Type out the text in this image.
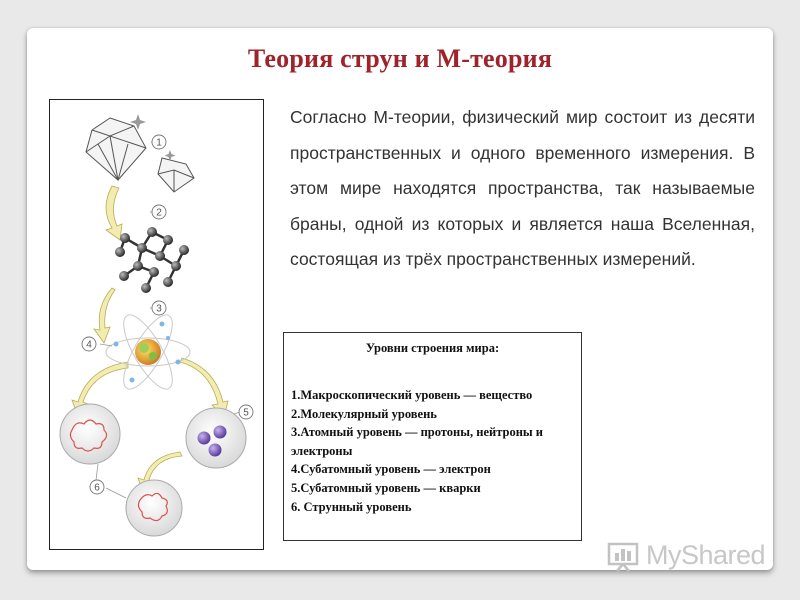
Теория струн и М-теория
1
2
3
4
5
6
Согласно М-теории, физический мир состоит из десяти пространственных и одного временного измерения. В этом мире находятся пространства, так называемые браны, одной из которых и является наша Вселенная, состоящая из трёх пространственных измерений.
Уровни строения мира:
1.Макроскопический уровень — вещество
2.Молекулярный уровень
3.Атомный уровень — протоны, нейтроны и электроны
4.Субатомный уровень — электрон
5.Субатомный уровень — кварки
6. Струнный уровень
MyShared
